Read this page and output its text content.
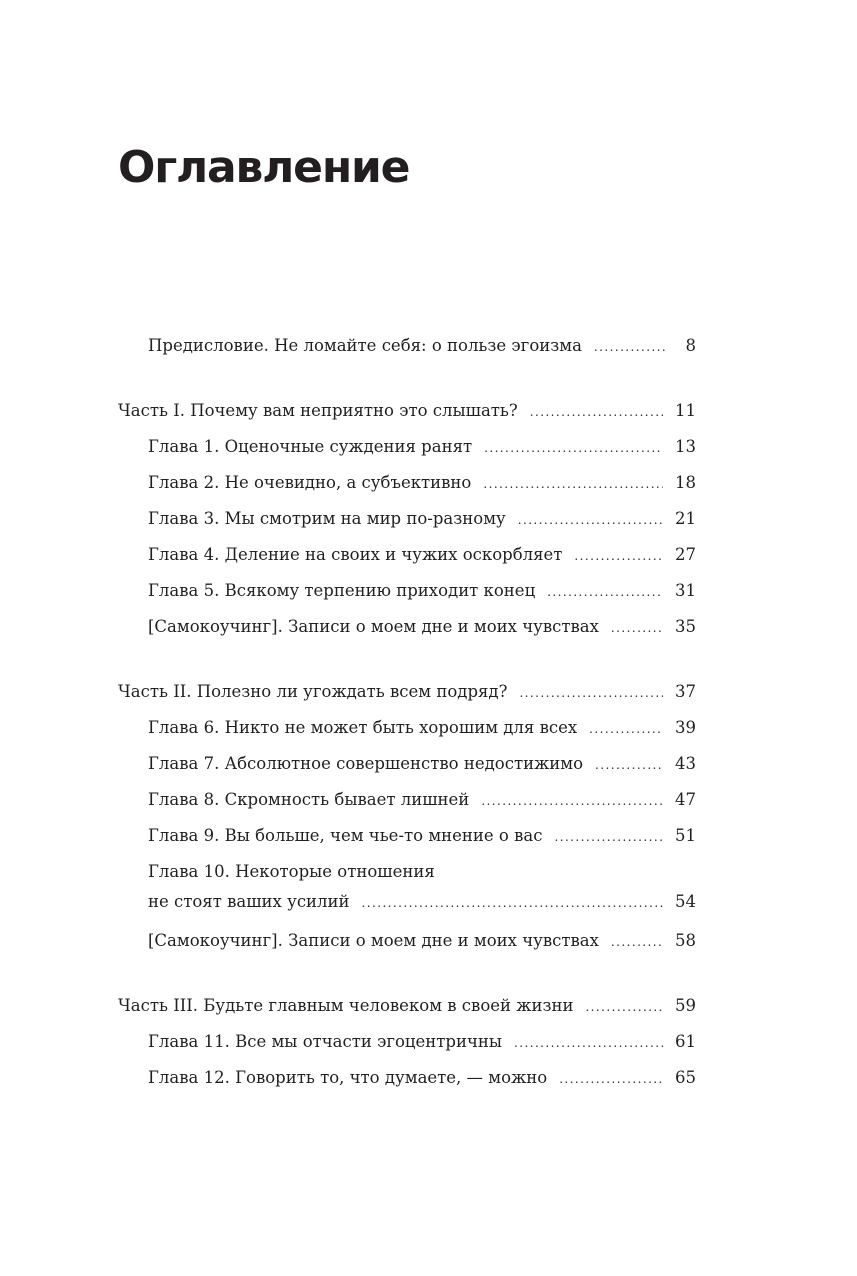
Оглавление
Предисловие. Не ломайте себя: о пользе эгоизма . . .	8
Часть I. Почему вам неприятно это слышать? . . .	11
Глава 1. Оценочные суждения ранят . . .	13
Глава 2. Не очевидно, а субъективно . . .	18
Глава 3. Мы смотрим на мир по-разному . . .	21
Глава 4. Деление на своих и чужих оскорбляет . . .	27
Глава 5. Всякому терпению приходит конец . . .	31
[Самокоучинг]. Записи о моем дне и моих чувствах . . .	35
Часть II. Полезно ли угождать всем подряд? . . .	37
Глава 6. Никто не может быть хорошим для всех . . .	39
Глава 7. Абсолютное совершенство недостижимо . . .	43
Глава 8. Скромность бывает лишней . . .	47
Глава 9. Вы больше, чем чье-то мнение о вас . . .	51
Глава 10. Некоторые отношения
не стоят ваших усилий . . .	54
[Самокоучинг]. Записи о моем дне и моих чувствах . . .	58
Часть III. Будьте главным человеком в своей жизни . . .	59
Глава 11. Все мы отчасти эгоцентричны . . .	61
Глава 12. Говорить то, что думаете, — можно . . .	65
